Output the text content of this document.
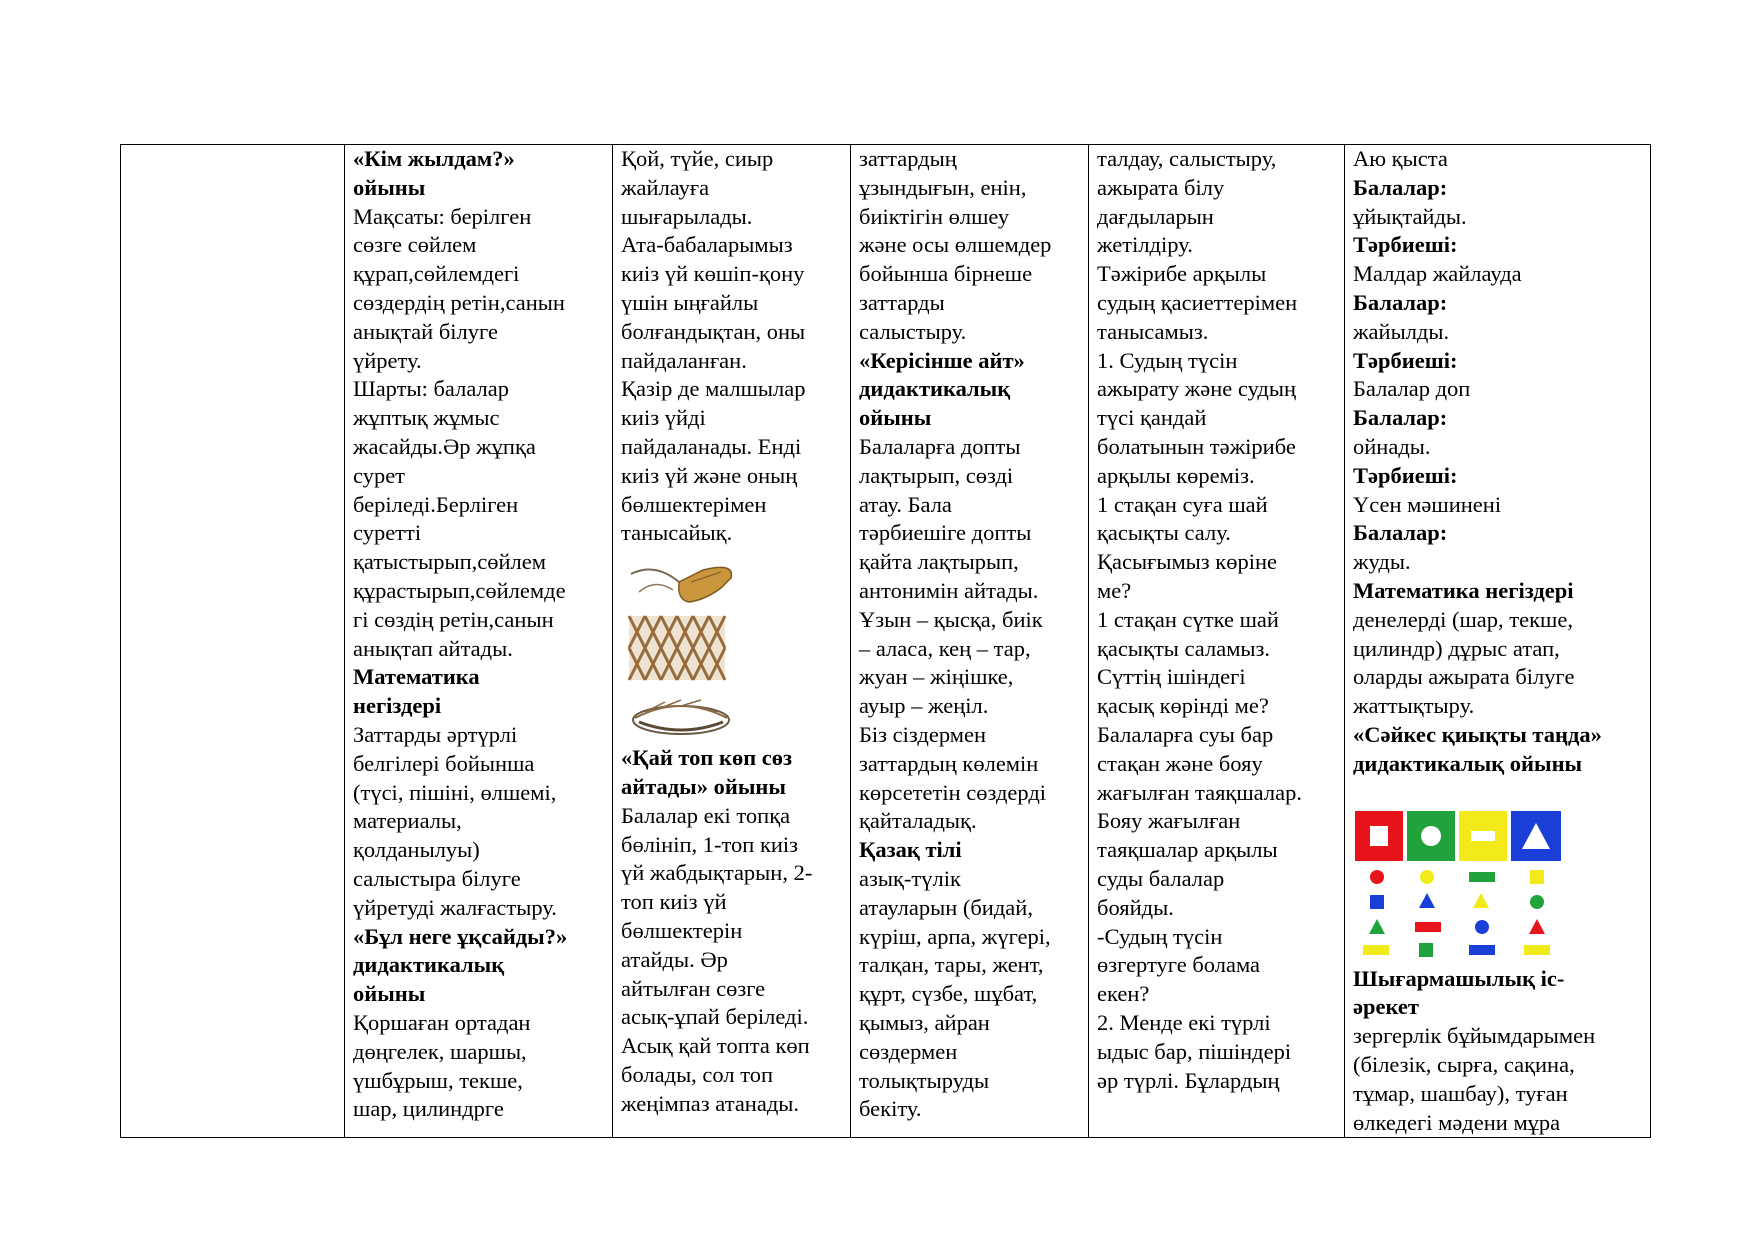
«Кім жылдам?»
ойыны
Мақсаты: берілген
сөзге сөйлем
құрап,сөйлемдегі
сөздердің ретін,санын
анықтай білуге
үйрету.
Шарты: балалар
жұптық жұмыс
жасайды.Әр жұпқа
сурет
беріледі.Берлiген
суретті
қатыстырып,сөйлем
құрастырып,сөйлемде
гі сөздің ретін,санын
анықтап айтады.
Математика
негіздері
Заттарды әртүрлі
белгілері бойынша
(түсі, пішіні, өлшемі,
материалы,
қолданылуы)
салыстыра білуге
үйретуді жалғастыру.
«Бұл неге ұқсайды?»
дидактикалық
ойыны
Қоршаған ортадан
дөңгелек, шаршы,
үшбұрыш, текше,
шар, цилиндрге

Қой, түйе, сиыр
жайлауға
шығарылады.
Ата-бабаларымыз
киіз үй көшіп-қону
үшін ыңғайлы
болғандықтан, оны
пайдаланған.
Қазір де малшылар
киіз үйді
пайдаланады. Енді
киіз үй және оның
бөлшектерімен
танысайық.
«Қай топ көп сөз
айтады» ойыны
Балалар екі топқа
бөлініп, 1-топ киіз
үй жабдықтарын, 2-
топ киіз үй
бөлшектерін
атайды. Әр
айтылған сөзге
асық-ұпай беріледі.
Асық қай топта көп
болады, сол топ
жеңімпаз атанады.

заттардың
ұзындығын, енін,
биіктігін өлшеу
және осы өлшемдер
бойынша бірнеше
заттарды
салыстыру.
«Керісінше айт»
дидактикалық
ойыны
Балаларға допты
лақтырып, сөзді
атау. Бала
тәрбиешіге допты
қайта лақтырып,
антонимін айтады.
Ұзын – қысқа, биік
– аласа, кең – тар,
жуан – жіңішке,
ауыр – жеңіл.
Біз сіздермен
заттардың көлемін
көрсететін сөздерді
қайталадық.
Қазақ тілі
азық-түлік
атауларын (бидай,
күріш, арпа, жүгері,
талқан, тары, жент,
құрт, сүзбе, шұбат,
қымыз, айран
сөздермен
толықтыруды
бекіту.

талдау, салыстыру,
ажырата білу
дағдыларын
жетілдіру.
Тәжірибе арқылы
судың қасиеттерімен
танысамыз.
1. Судың түсін
ажырату және судың
түсі қандай
болатынын тәжірибе
арқылы көреміз.
1 стақан суға шай
қасықты салу.
Қасығымыз көріне
ме?
1 стақан сүтке шай
қасықты саламыз.
Сүттің ішіндегі
қасық көрінді ме?
Балаларға суы бар
стақан және бояу
жағылған таяқшалар.
Бояу жағылған
таяқшалар арқылы
суды балалар
бояйды.
-Судың түсін
өзгертуге болама
екен?
2. Менде екі түрлі
ыдыс бар, пішіндері
әр түрлі. Бұлардың

Аю қыста
Балалар:
ұйықтайды.
Тәрбиеші:
Малдар жайлауда
Балалар:
жайылды.
Тәрбиеші:
Балалар доп
Балалар:
ойнады.
Тәрбиеші:
Үсен мәшинені
Балалар:
жуды.
Математика негіздері
денелерді (шар, текше,
цилиндр) дұрыс атап,
оларды ажырата білуге
жаттықтыру.
«Сәйкес қиықты таңда»
дидактикалық ойыны
Шығармашылық іс-
әрекет
зергерлік бұйымдарымен
(білезік, сырға, сақина,
тұмар, шашбау), туған
өлкедегі мәдени мұра
